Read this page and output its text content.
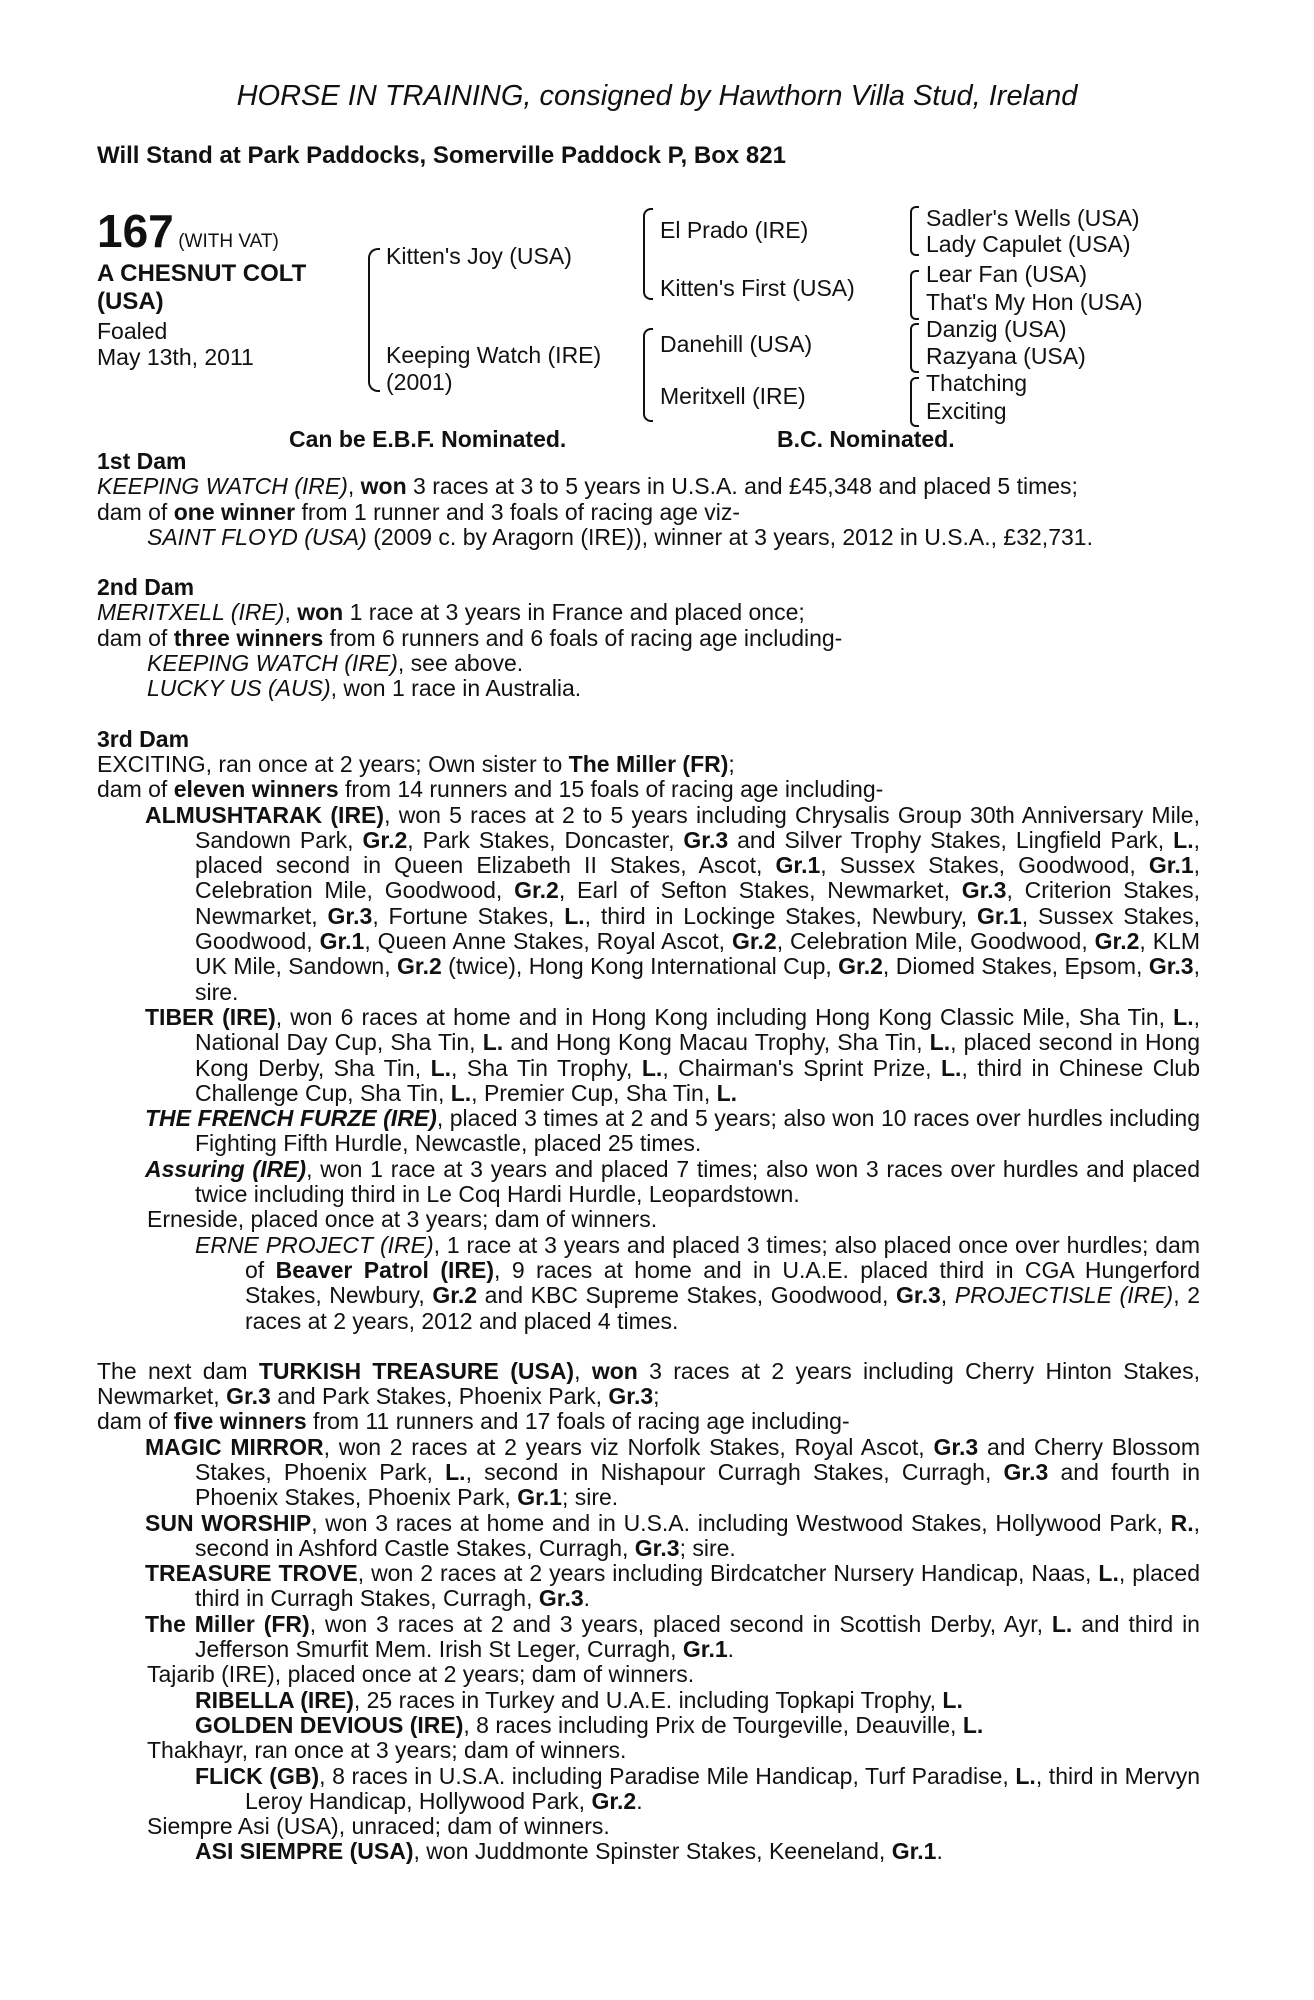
HORSE IN TRAINING, consigned by Hawthorn Villa Stud, Ireland
Will Stand at Park Paddocks, Somerville Paddock P, Box 821
167 (WITH VAT)
A CHESNUT COLT
(USA)
Foaled
May 13th, 2011
Kitten's Joy (USA)
Keeping Watch (IRE)
(2001)
El Prado (IRE)
Kitten's First (USA)
Danehill (USA)
Meritxell (IRE)
Sadler's Wells (USA)
Lady Capulet (USA)
Lear Fan (USA)
That's My Hon (USA)
Danzig (USA)
Razyana (USA)
Thatching
Exciting
Can be E.B.F. Nominated.	B.C. Nominated.

1st Dam

KEEPING WATCH (IRE), won 3 races at 3 to 5 years in U.S.A. and £45,348 and placed 5 times;

dam of one winner from 1 runner and 3 foals of racing age viz-

SAINT FLOYD (USA) (2009 c. by Aragorn (IRE)), winner at 3 years, 2012 in U.S.A., £32,731.

2nd Dam

MERITXELL (IRE), won 1 race at 3 years in France and placed once;

dam of three winners from 6 runners and 6 foals of racing age including-

KEEPING WATCH (IRE), see above.

LUCKY US (AUS), won 1 race in Australia.

3rd Dam

EXCITING, ran once at 2 years; Own sister to The Miller (FR);

dam of eleven winners from 14 runners and 15 foals of racing age including-

ALMUSHTARAK (IRE), won 5 races at 2 to 5 years including Chrysalis Group 30th Anniversary Mile, Sandown Park, Gr.2, Park Stakes, Doncaster, Gr.3 and Silver Trophy Stakes, Lingfield Park, L., placed second in Queen Elizabeth II Stakes, Ascot, Gr.1, Sussex Stakes, Goodwood, Gr.1, Celebration Mile, Goodwood, Gr.2, Earl of Sefton Stakes, Newmarket, Gr.3, Criterion Stakes, Newmarket, Gr.3, Fortune Stakes, L., third in Lockinge Stakes, Newbury, Gr.1, Sussex Stakes, Goodwood, Gr.1, Queen Anne Stakes, Royal Ascot, Gr.2, Celebration Mile, Goodwood, Gr.2, KLM UK Mile, Sandown, Gr.2 (twice), Hong Kong International Cup, Gr.2, Diomed Stakes, Epsom, Gr.3, sire.

TIBER (IRE), won 6 races at home and in Hong Kong including Hong Kong Classic Mile, Sha Tin, L., National Day Cup, Sha Tin, L. and Hong Kong Macau Trophy, Sha Tin, L., placed second in Hong Kong Derby, Sha Tin, L., Sha Tin Trophy, L., Chairman's Sprint Prize, L., third in Chinese Club Challenge Cup, Sha Tin, L., Premier Cup, Sha Tin, L.

THE FRENCH FURZE (IRE), placed 3 times at 2 and 5 years; also won 10 races over hurdles including Fighting Fifth Hurdle, Newcastle, placed 25 times.

Assuring (IRE), won 1 race at 3 years and placed 7 times; also won 3 races over hurdles and placed twice including third in Le Coq Hardi Hurdle, Leopardstown.

Erneside, placed once at 3 years; dam of winners.

ERNE PROJECT (IRE), 1 race at 3 years and placed 3 times; also placed once over hurdles; dam of Beaver Patrol (IRE), 9 races at home and in U.A.E. placed third in CGA Hungerford Stakes, Newbury, Gr.2 and KBC Supreme Stakes, Goodwood, Gr.3, PROJECTISLE (IRE), 2 races at 2 years, 2012 and placed 4 times.

The next dam TURKISH TREASURE (USA), won 3 races at 2 years including Cherry Hinton Stakes, Newmarket, Gr.3 and Park Stakes, Phoenix Park, Gr.3;

dam of five winners from 11 runners and 17 foals of racing age including-

MAGIC MIRROR, won 2 races at 2 years viz Norfolk Stakes, Royal Ascot, Gr.3 and Cherry Blossom Stakes, Phoenix Park, L., second in Nishapour Curragh Stakes, Curragh, Gr.3 and fourth in Phoenix Stakes, Phoenix Park, Gr.1; sire.

SUN WORSHIP, won 3 races at home and in U.S.A. including Westwood Stakes, Hollywood Park, R., second in Ashford Castle Stakes, Curragh, Gr.3; sire.

TREASURE TROVE, won 2 races at 2 years including Birdcatcher Nursery Handicap, Naas, L., placed third in Curragh Stakes, Curragh, Gr.3.

The Miller (FR), won 3 races at 2 and 3 years, placed second in Scottish Derby, Ayr, L. and third in Jefferson Smurfit Mem. Irish St Leger, Curragh, Gr.1.

Tajarib (IRE), placed once at 2 years; dam of winners.

RIBELLA (IRE), 25 races in Turkey and U.A.E. including Topkapi Trophy, L.

GOLDEN DEVIOUS (IRE), 8 races including Prix de Tourgeville, Deauville, L.

Thakhayr, ran once at 3 years; dam of winners.

FLICK (GB), 8 races in U.S.A. including Paradise Mile Handicap, Turf Paradise, L., third in Mervyn Leroy Handicap, Hollywood Park, Gr.2.

Siempre Asi (USA), unraced; dam of winners.

ASI SIEMPRE (USA), won Juddmonte Spinster Stakes, Keeneland, Gr.1.
